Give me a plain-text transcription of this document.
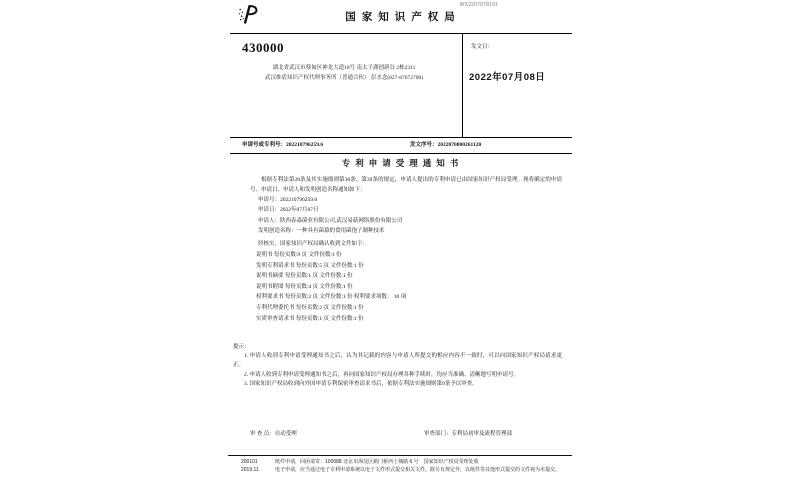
WX2207078101
国家知识产权局
430000
湖北省武汉市蔡甸区神龙大道18号 南太子湖创新谷 2栋2311
武汉维盾知识产权代理事务所（普通合伙） 彭水念(027-87672700)
发文日：
2022年07月08日
申请号或专利号：202210796259.6	发文序号：2022070800261120
专利申请受理通知书
根据专利法第28条及其实施细则第38条、第39条的规定，申请人提出的专利申请已由国家知识产权局受理。现将确定的申请号、申请日、申请人和发明创造名称通知如下：
申请号：202210796259.6
申请日：2022年07月07日
申请人：陕西春森菌业有限公司,武汉易菇网络股份有限公司
发明创造名称：一种具有菌幕的食用菌孢子制种技术
经核实，国家知识产权局确认收到文件如下：
说明书 每份页数:9 页 文件份数:1 份
发明专利请求书 每份页数:5 页 文件份数:1 份
说明书摘要 每份页数:1 页 文件份数:1 份
说明书附图 每份页数:4 页 文件份数:1 份
权利要求书 每份页数:2 页 文件份数:1 份 权利要求项数： 10 项
专利代理委托书 每份页数:2 页 文件份数:1 份
实质审查请求书 每份页数:1 页 文件份数:1 份
提示：

1. 申请人收到专利申请受理通知书之后，认为其记载的内容与申请人所提交的相应内容不一致时，可以向国家知识产权局请求更正。

2. 申请人收到专利申请受理通知书之后，再向国家知识产权局办理各种手续时，均应当准确、清晰地写明申请号。

3. 国家知识产权局收到向外国申请专利保密审查请求书后，依据专利法实施细则第9条予以审查。

审 查 员：自动受理	审查部门：专利局初审及流程管理部
200101	纸件申请，回函请寄：100088 北京市海淀区蓟门桥西土城路 6 号　国家知识产权局受理处收
2019.11	电子申请，应当通过电子专利申请系统以电子文件形式提交相关文件。除另有规定外，以纸件等其他形式提交的文件视为未提交。
